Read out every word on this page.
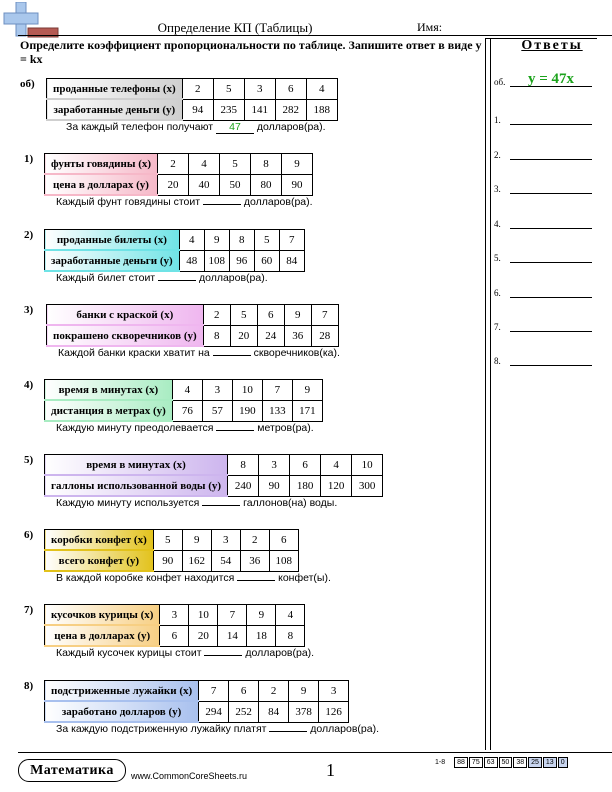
Определение КП (Таблицы)	Имя:
Определите коэффициент пропорциональности по таблице. Запишите ответ в виде y = kx
Ответы
об.	y = 47x
1.
2.
3.
4.
5.
6.
7.
8.
об) проданные телефоны (x)	2	5	3	6	4
заработанные деньги (y)	94	235	141	282	188
За каждый телефон получают 47 долларов(ра).
1) фунты говядины (x)	2	4	5	8	9
цена в долларах (y)	20	40	50	80	90
Каждый фунт говядины стоит	долларов(ра).
2) проданные билеты (x)	4	9	8	5	7
заработанные деньги (y)	48	108	96	60	84
Каждый билет стоит	долларов(ра).
3)	банки с краской (x)	2	5	6	9	7
покрашено скворечников (y)	8	20	24	36	28
Каждой банки краски хватит на	скворечников(ка).
4) время в минутах (x)	4	3	10	7	9
дистанция в метрах (y)	76	57	190	133	171
Каждую минуту преодолевается	метров(ра).
5)	время в минутах (x)	8	3	6	4	10
галлоны использованной воды (y)	240	90	180	120	300
Каждую минуту используется	галлонов(на) воды.
6) коробки конфет (x)	5	9	3	2	6
всего конфет (y)	90	162	54	36	108
В каждой коробке конфет находится	конфет(ы).
7) кусочков курицы (x)	3	10	7	9	4
цена в долларах (y)	6	20	14	18	8
Каждый кусочек курицы стоит	долларов(ра).
8) подстриженные лужайки (x)	7	6	2	9	3
заработано долларов (y)	294	252	84	378	126
За каждую подстриженную лужайку платят	долларов(ра).
Математика	www.CommonCoreSheets.ru	1	1-8 88 75 63 50 38 25 13 0
